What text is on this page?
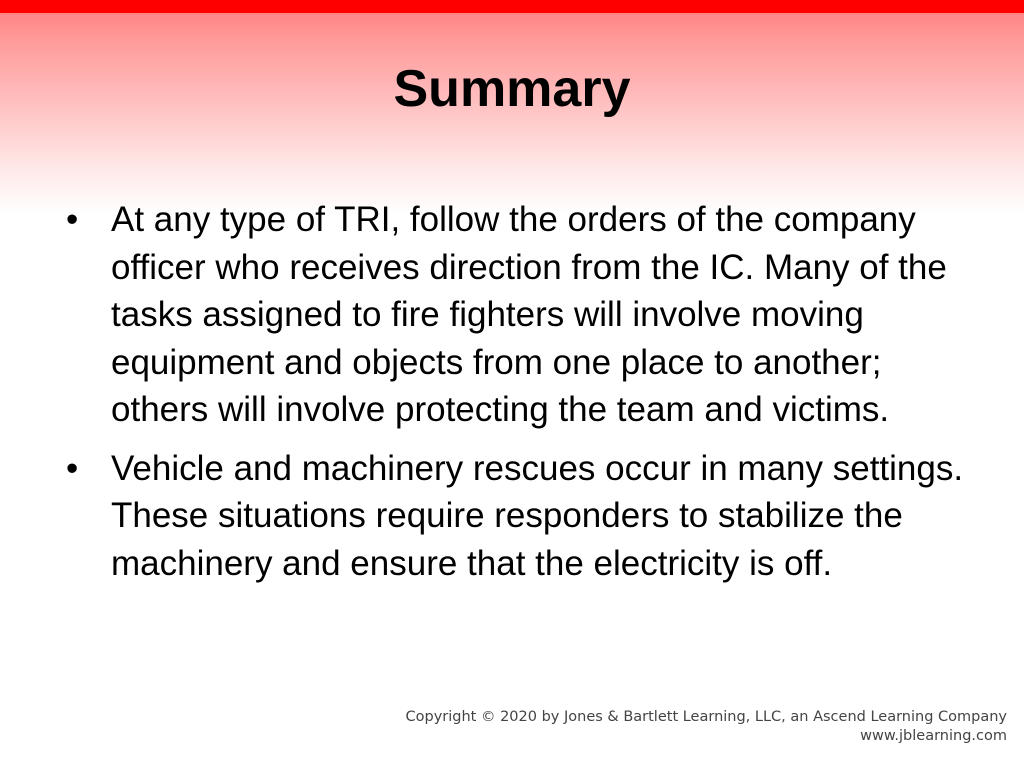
Summary
• At any type of TRI, follow the orders of the company officer who receives direction from the IC. Many of the tasks assigned to fire fighters will involve moving equipment and objects from one place to another; others will involve protecting the team and victims.
• Vehicle and machinery rescues occur in many settings. These situations require responders to stabilize the machinery and ensure that the electricity is off.
Copyright © 2020 by Jones & Bartlett Learning, LLC, an Ascend Learning Company
www.jblearning.com
